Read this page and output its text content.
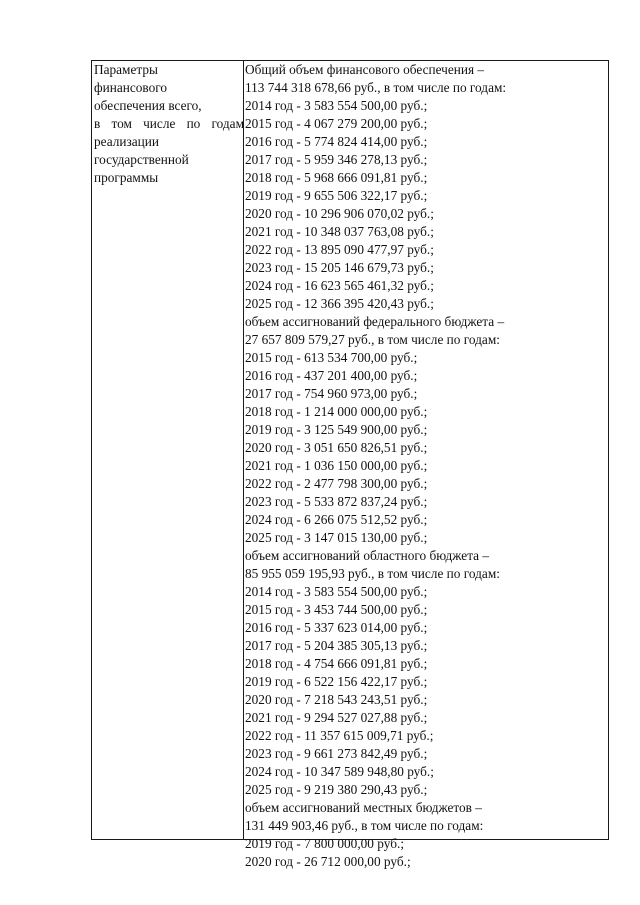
Параметры
финансового
обеспечения всего,
в том числе по годам
реализации
государственной
программы
Общий объем финансового обеспечения –
113 744 318 678,66 руб., в том числе по годам:
2014 год - 3 583 554 500,00 руб.;
2015 год - 4 067 279 200,00 руб.;
2016 год - 5 774 824 414,00 руб.;
2017 год - 5 959 346 278,13 руб.;
2018 год - 5 968 666 091,81 руб.;
2019 год - 9 655 506 322,17 руб.;
2020 год - 10 296 906 070,02 руб.;
2021 год - 10 348 037 763,08 руб.;
2022 год - 13 895 090 477,97 руб.;
2023 год - 15 205 146 679,73 руб.;
2024 год - 16 623 565 461,32 руб.;
2025 год - 12 366 395 420,43 руб.;
объем ассигнований федерального бюджета –
27 657 809 579,27 руб., в том числе по годам:
2015 год - 613 534 700,00 руб.;
2016 год - 437 201 400,00 руб.;
2017 год - 754 960 973,00 руб.;
2018 год - 1 214 000 000,00 руб.;
2019 год - 3 125 549 900,00 руб.;
2020 год - 3 051 650 826,51 руб.;
2021 год - 1 036 150 000,00 руб.;
2022 год - 2 477 798 300,00 руб.;
2023 год - 5 533 872 837,24 руб.;
2024 год - 6 266 075 512,52 руб.;
2025 год - 3 147 015 130,00 руб.;
объем ассигнований областного бюджета –
85 955 059 195,93 руб., в том числе по годам:
2014 год - 3 583 554 500,00 руб.;
2015 год - 3 453 744 500,00 руб.;
2016 год - 5 337 623 014,00 руб.;
2017 год - 5 204 385 305,13 руб.;
2018 год - 4 754 666 091,81 руб.;
2019 год - 6 522 156 422,17 руб.;
2020 год - 7 218 543 243,51 руб.;
2021 год - 9 294 527 027,88 руб.;
2022 год - 11 357 615 009,71 руб.;
2023 год - 9 661 273 842,49 руб.;
2024 год - 10 347 589 948,80 руб.;
2025 год - 9 219 380 290,43 руб.;
объем ассигнований местных бюджетов –
131 449 903,46 руб., в том числе по годам:
2019 год - 7 800 000,00 руб.;
2020 год - 26 712 000,00 руб.;
